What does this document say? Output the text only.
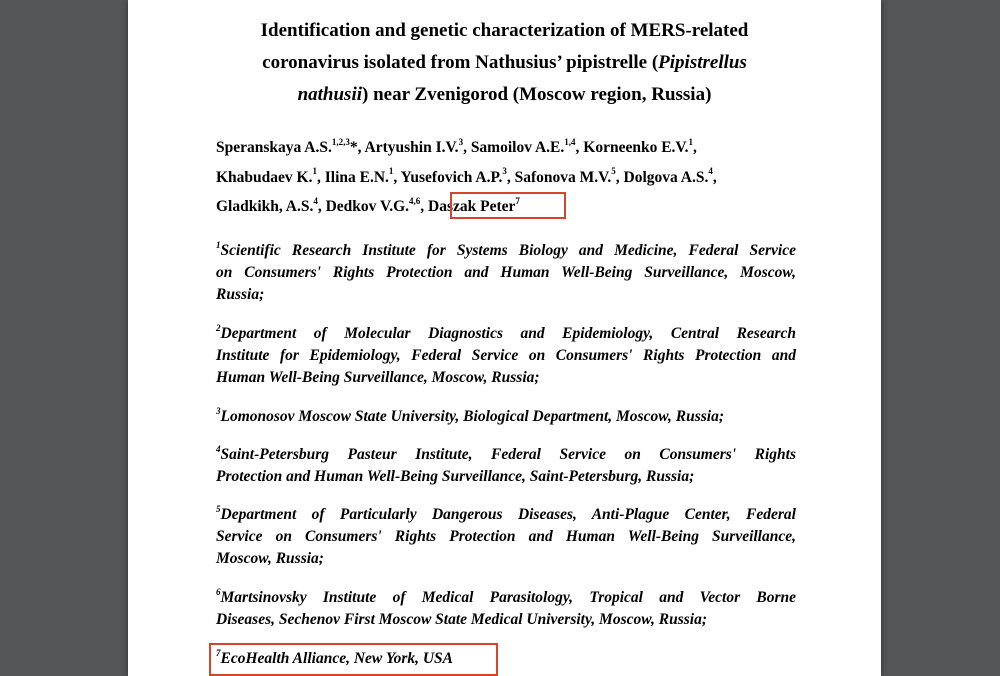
Identification and genetic characterization of MERS-related
coronavirus isolated from Nathusius’ pipistrelle (Pipistrellus
nathusii) near Zvenigorod (Moscow region, Russia)
Speranskaya A.S.$^{1,2,3}$*, Artyushin I.V.$^3$, Samoilov A.E.$^{1,4}$, Korneenko E.V.$^1$,
Khabudaev K.$^1$, Ilina E.N.$^1$, Yusefovich A.P.$^3$, Safonova M.V.$^5$, Dolgova A.S.$^4$,
Gladkikh, A.S.$^4$, Dedkov V.G.$^{4,6}$, Daszak Peter$^7$
$^1$Scientific Research Institute for Systems Biology and Medicine, Federal Service
on Consumers' Rights Protection and Human Well-Being Surveillance, Moscow,
Russia;
$^2$Department of Molecular Diagnostics and Epidemiology, Central Research
Institute for Epidemiology, Federal Service on Consumers' Rights Protection and
Human Well-Being Surveillance, Moscow, Russia;
$^3$Lomonosov Moscow State University, Biological Department, Moscow, Russia;
$^4$Saint-Petersburg Pasteur Institute, Federal Service on Consumers' Rights
Protection and Human Well-Being Surveillance, Saint-Petersburg, Russia;
$^5$Department of Particularly Dangerous Diseases, Anti-Plague Center, Federal
Service on Consumers' Rights Protection and Human Well-Being Surveillance,
Moscow, Russia;
$^6$Martsinovsky Institute of Medical Parasitology, Tropical and Vector Borne
Diseases, Sechenov First Moscow State Medical University, Moscow, Russia;
$^7$EcoHealth Alliance, New York, USA
